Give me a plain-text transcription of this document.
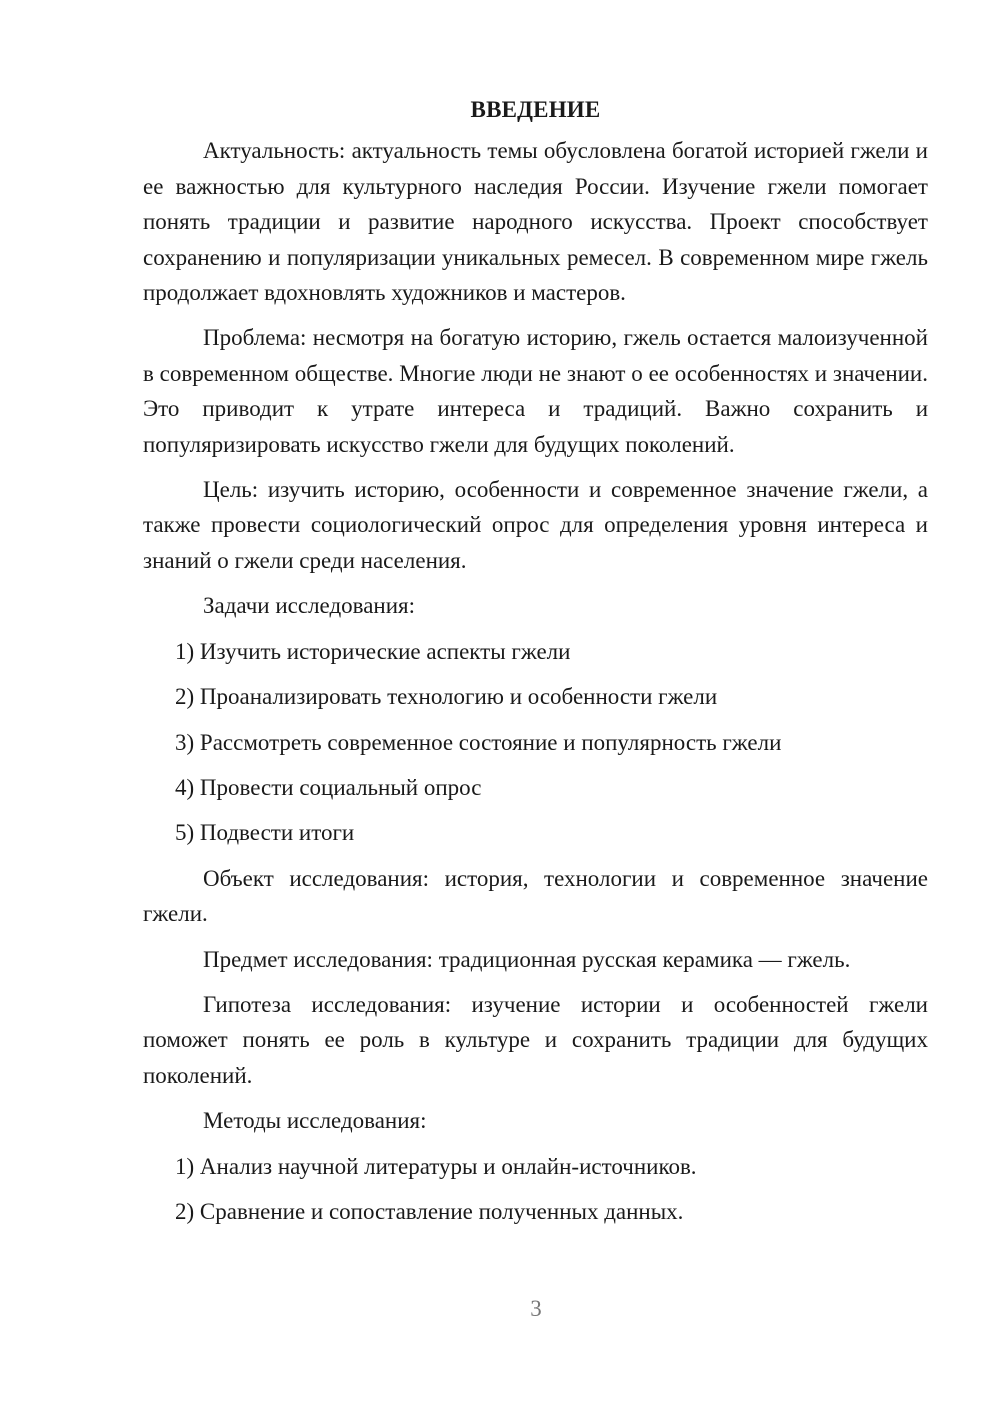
ВВЕДЕНИЕ

Актуальность: актуальность темы обусловлена богатой историей гжели и ее важностью для культурного наследия России. Изучение гжели помогает понять традиции и развитие народного искусства. Проект способствует сохранению и популяризации уникальных ремесел. В современном мире гжель продолжает вдохновлять художников и мастеров.

Проблема: несмотря на богатую историю, гжель остается малоизученной в современном обществе. Многие люди не знают о ее особенностях и значении. Это приводит к утрате интереса и традиций. Важно сохранить и популяризировать искусство гжели для будущих поколений.

Цель: изучить историю, особенности и современное значение гжели, а также провести социологический опрос для определения уровня интереса и знаний о гжели среди населения.

Задачи исследования:
1) Изучить исторические аспекты гжели
2) Проанализировать технологию и особенности гжели
3) Рассмотреть современное состояние и популярность гжели
4) Провести социальный опрос
5) Подвести итоги

Объект исследования: история, технологии и современное значение гжели.

Предмет исследования: традиционная русская керамика — гжель.

Гипотеза исследования: изучение истории и особенностей гжели поможет понять ее роль в культуре и сохранить традиции для будущих поколений.

Методы исследования:
1) Анализ научной литературы и онлайн-источников.
2) Сравнение и сопоставление полученных данных.
3
